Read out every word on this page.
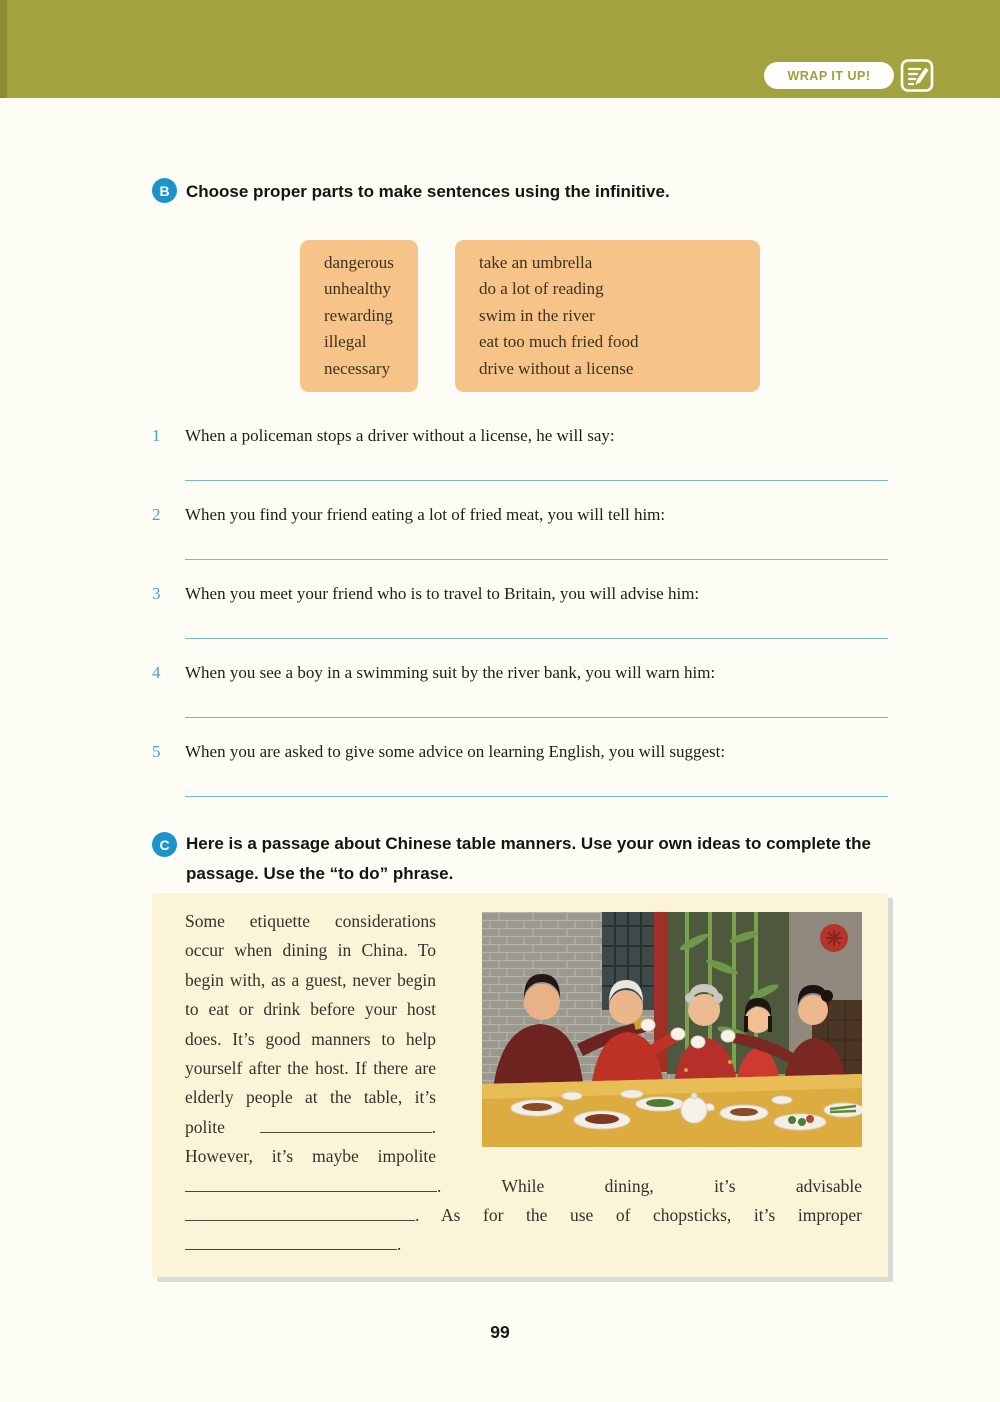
WRAP IT UP!
B Choose proper parts to make sentences using the infinitive.
dangerous
unhealthy
rewarding
illegal
necessary
take an umbrella
do a lot of reading
swim in the river
eat too much fried food
drive without a license
1	When a policeman stops a driver without a license, he will say:
2	When you find your friend eating a lot of fried meat, you will tell him:
3	When you meet your friend who is to travel to Britain, you will advise him:
4	When you see a boy in a swimming suit by the river bank, you will warn him:
5	When you are asked to give some advice on learning English, you will suggest:
C Here is a passage about Chinese table manners. Use your own ideas to complete the passage. Use the “to do” phrase.
Some etiquette considerations occur when dining in China. To begin with, as a guest, never begin to eat or drink before your host does. It’s good manners to help yourself after the host. If there are elderly people at the table, it’s polite	. However, it’s maybe impolite . While dining, it’s advisable . As for the use of chopsticks, it’s improper .
99
